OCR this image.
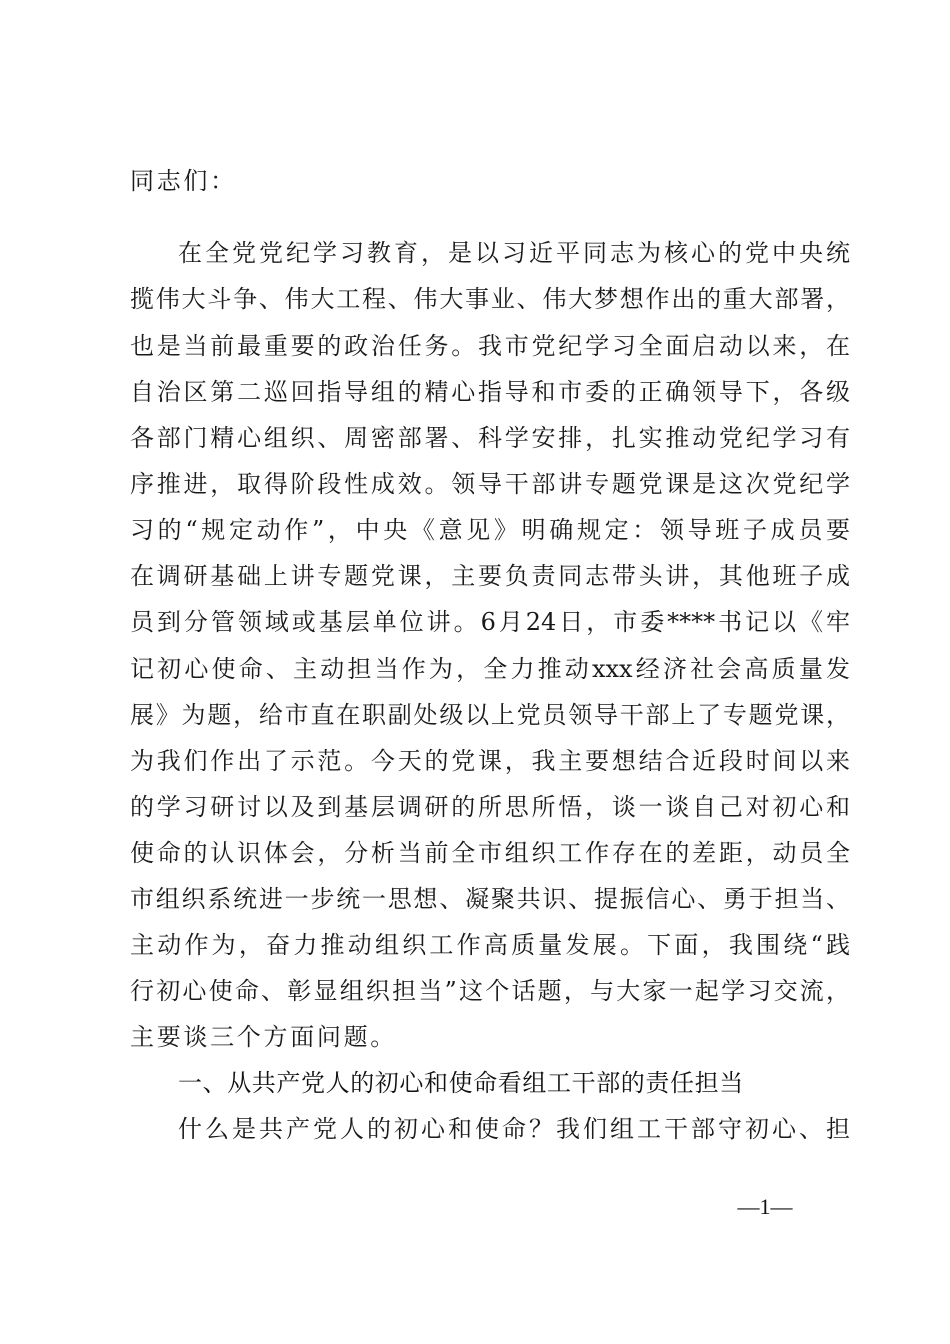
同志们：
在全党党纪学习教育，是以习近平同志为核心的党中央统
揽伟大斗争、伟大工程、伟大事业、伟大梦想作出的重大部署，
也是当前最重要的政治任务。我市党纪学习全面启动以来，在
自治区第二巡回指导组的精心指导和市委的正确领导下，各级
各部门精心组织、周密部署、科学安排，扎实推动党纪学习有
序推进，取得阶段性成效。领导干部讲专题党课是这次党纪学
习的“规定动作”，中央《意见》明确规定：领导班子成员要
在调研基础上讲专题党课，主要负责同志带头讲，其他班子成
员到分管领域或基层单位讲。6月24日，市委****书记以《牢
记初心使命、主动担当作为，全力推动xxx经济社会高质量发
展》为题，给市直在职副处级以上党员领导干部上了专题党课，
为我们作出了示范。今天的党课，我主要想结合近段时间以来
的学习研讨以及到基层调研的所思所悟，谈一谈自己对初心和
使命的认识体会，分析当前全市组织工作存在的差距，动员全
市组织系统进一步统一思想、凝聚共识、提振信心、勇于担当、
主动作为，奋力推动组织工作高质量发展。下面，我围绕“践
行初心使命、彰显组织担当”这个话题，与大家一起学习交流，
主要谈三个方面问题。
一、从共产党人的初心和使命看组工干部的责任担当
什么是共产党人的初心和使命？我们组工干部守初心、担
—1—
